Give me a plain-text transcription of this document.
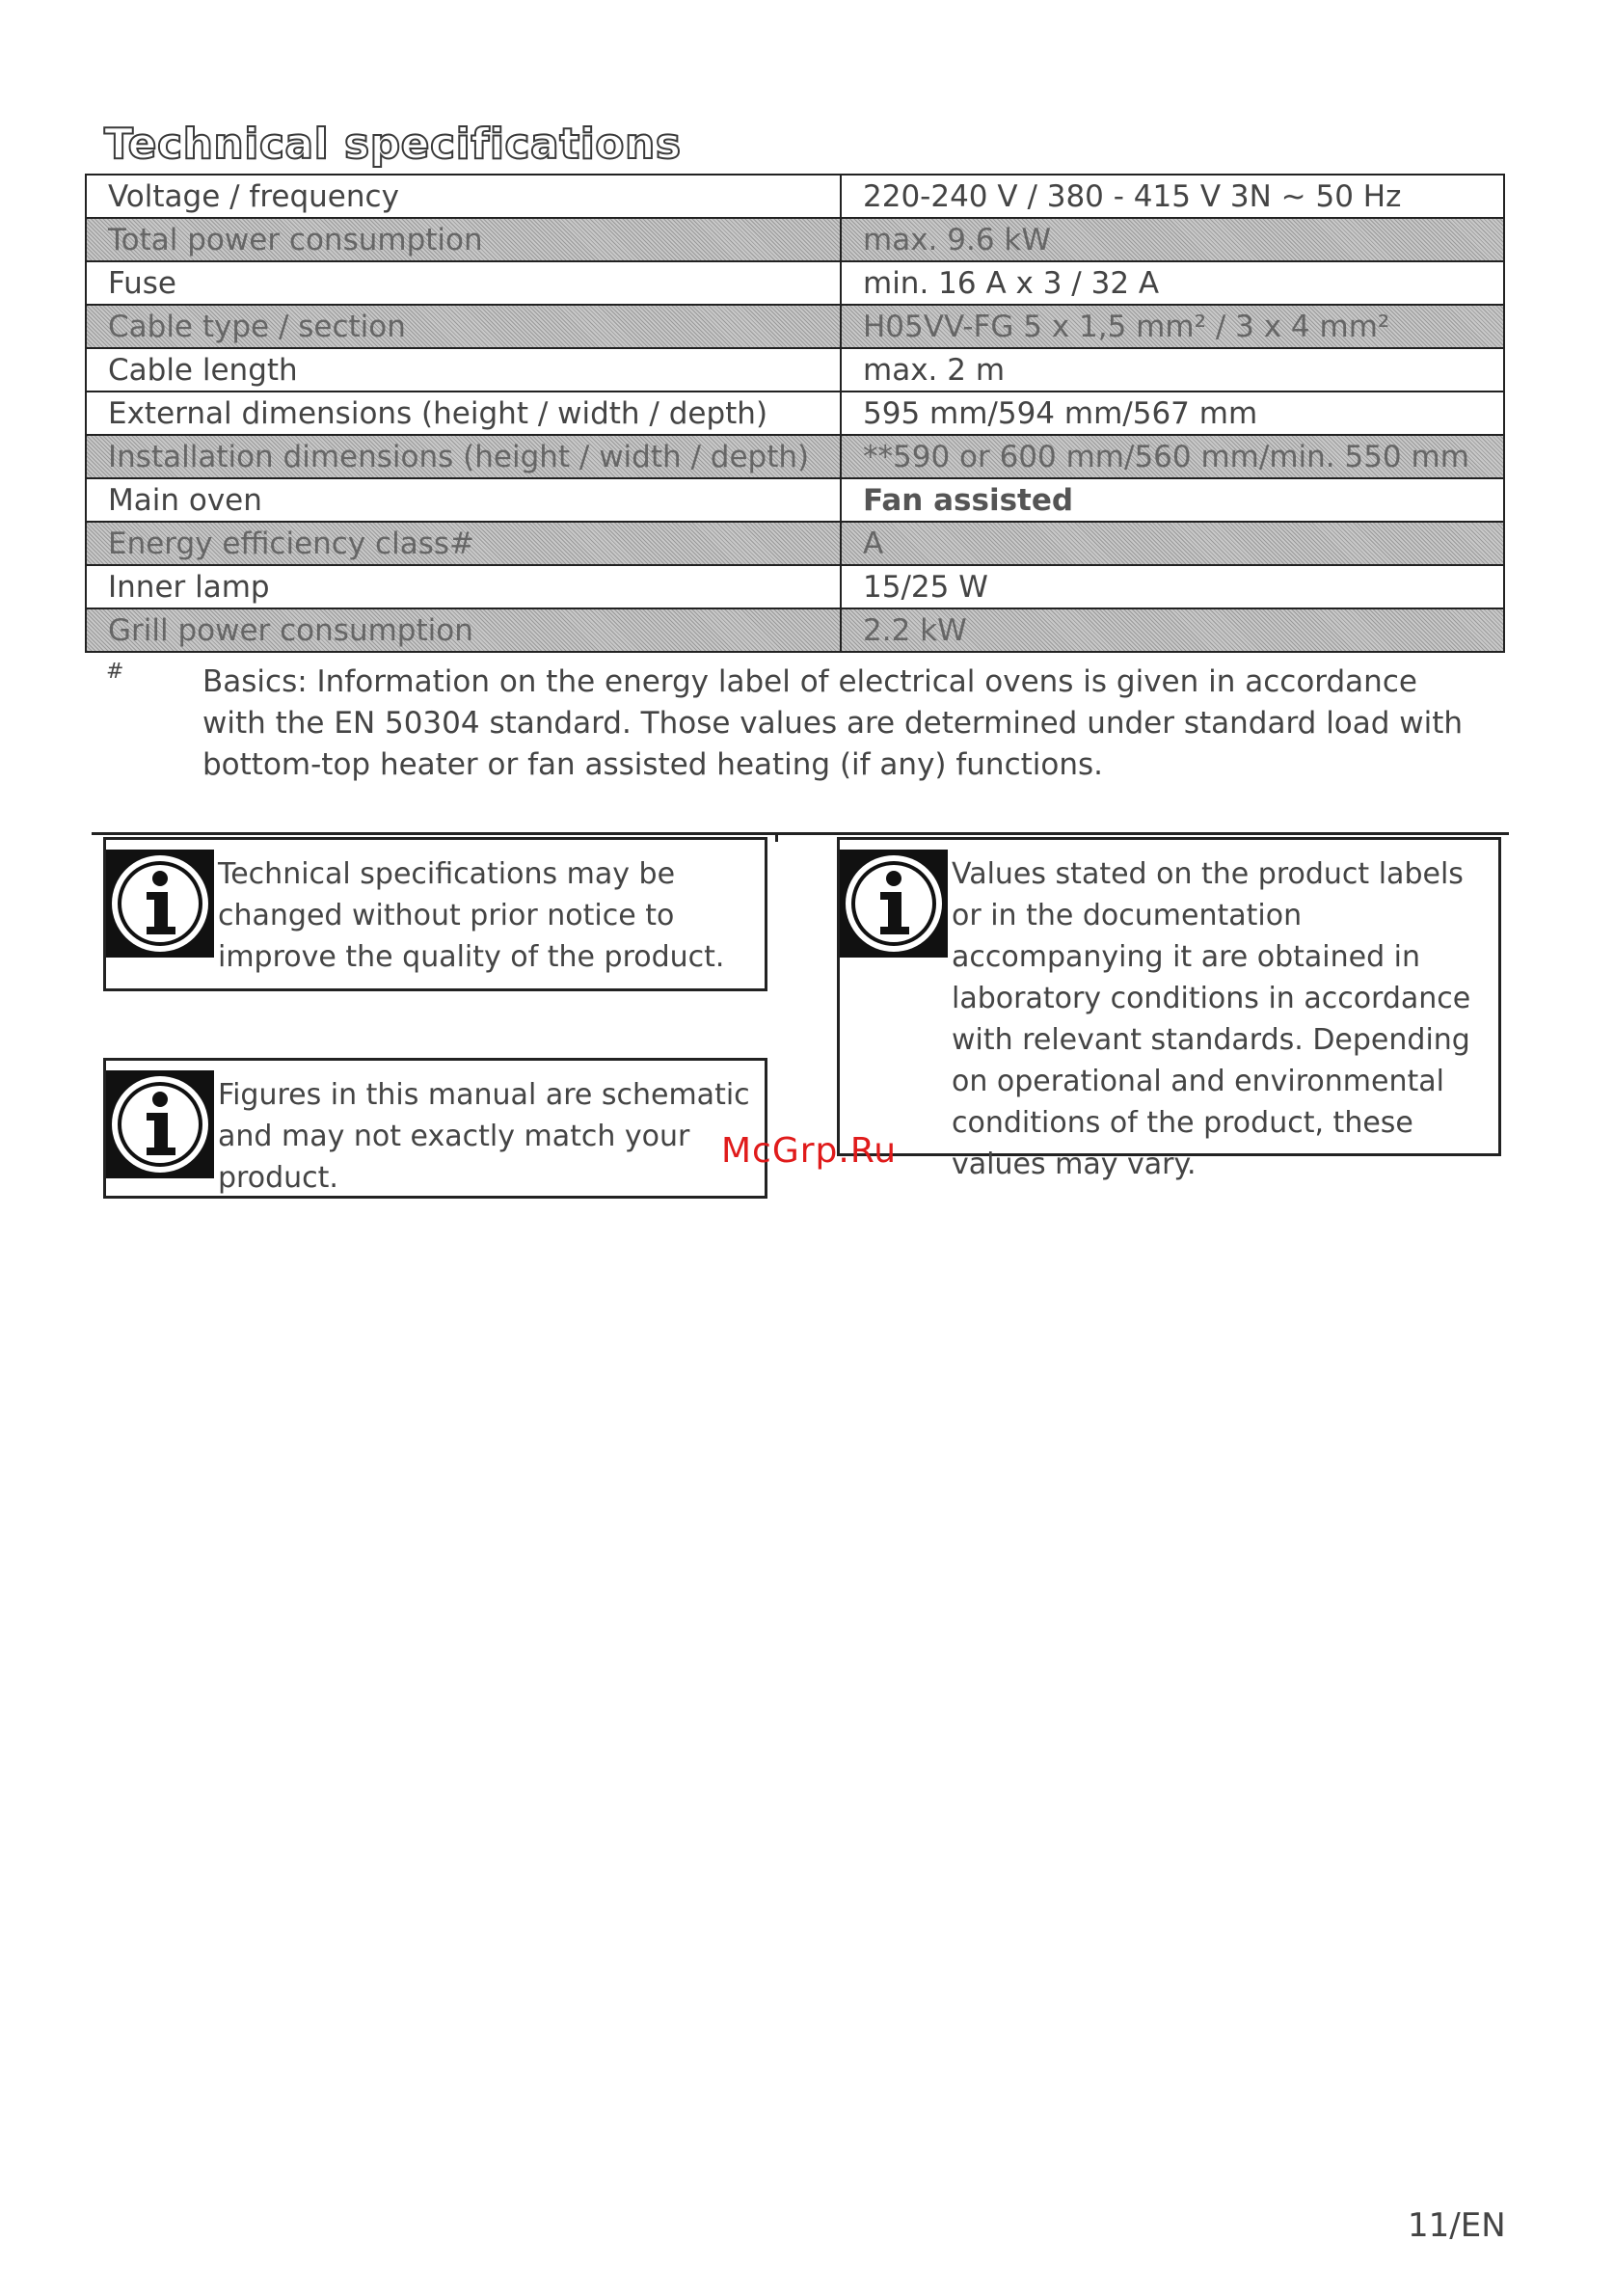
Technical specifications
Voltage / frequency	220-240 V / 380 - 415 V 3N ~ 50 Hz
Total power consumption	max. 9.6 kW
Fuse	min. 16 A x 3 / 32 A
Cable type / section	H05VV-FG 5 x 1,5 mm² / 3 x 4 mm²
Cable length	max. 2 m
External dimensions (height / width / depth)	595 mm/594 mm/567 mm
Installation dimensions (height / width / depth)	**590 or 600 mm/560 mm/min. 550 mm
Main oven	Fan assisted
Energy efficiency class#	A
Inner lamp	15/25 W
Grill power consumption	2.2 kW
#	Basics: Information on the energy label of electrical ovens is given in accordance with the EN 50304 standard. Those values are determined under standard load with bottom-top heater or fan assisted heating (if any) functions.
Technical specifications may be changed without prior notice to improve the quality of the product.
Figures in this manual are schematic and may not exactly match your product.
Values stated on the product labels or in the documentation accompanying it are obtained in laboratory conditions in accordance with relevant standards. Depending on operational and environmental conditions of the product, these values may vary.
McGrp.Ru
11/EN
